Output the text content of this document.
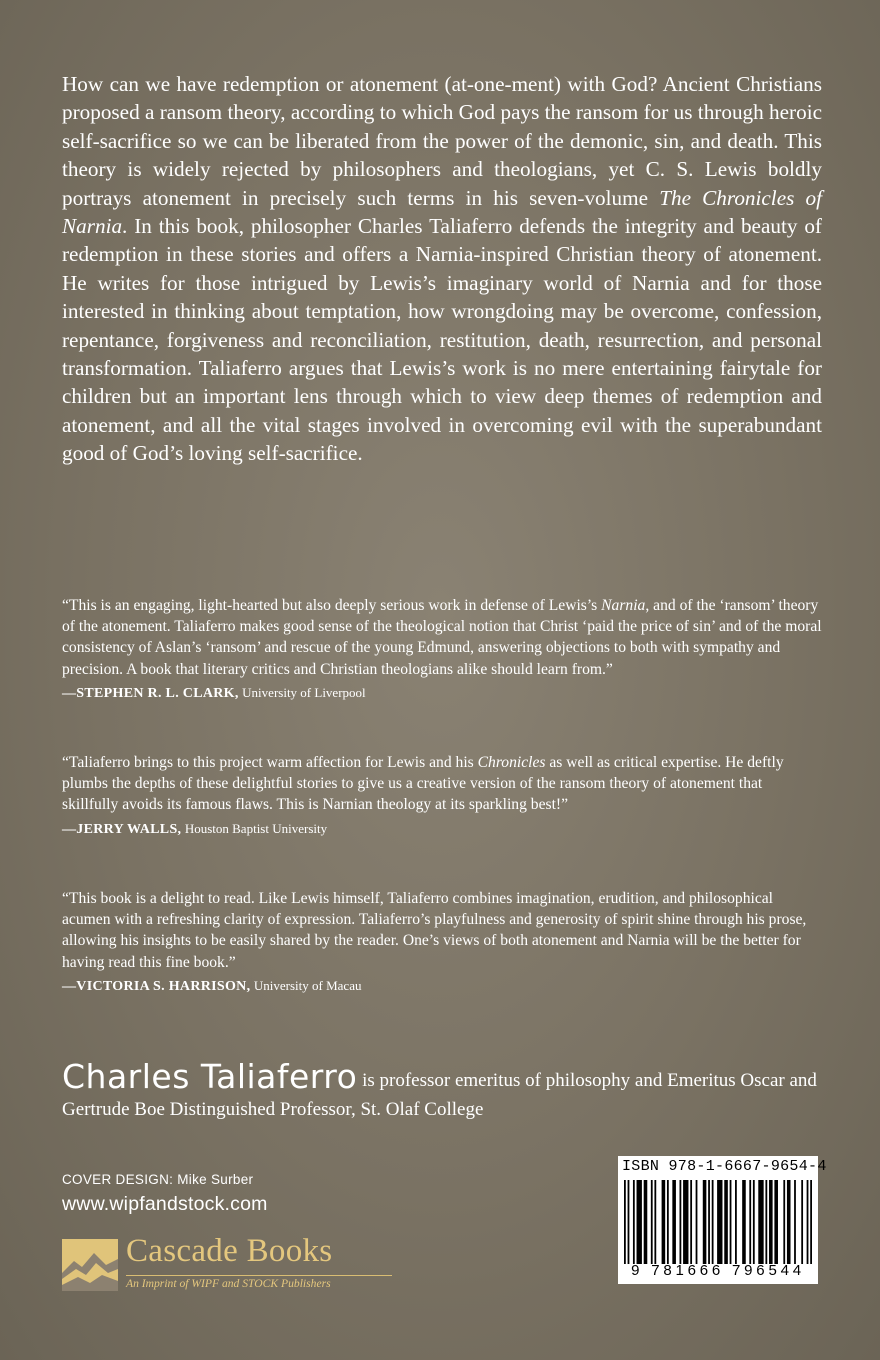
How can we have redemption or atonement (at-one-ment) with God? Ancient Christians proposed a ransom theory, according to which God pays the ransom for us through heroic self-sacrifice so we can be liberated from the power of the demonic, sin, and death. This theory is widely rejected by philosophers and theologians, yet C. S. Lewis boldly portrays atonement in precisely such terms in his seven-volume The Chronicles of Narnia. In this book, philosopher Charles Taliaferro defends the integrity and beauty of redemption in these stories and offers a Narnia-inspired Christian theory of atonement. He writes for those intrigued by Lewis’s imaginary world of Narnia and for those interested in thinking about temptation, how wrongdoing may be overcome, confession, repentance, forgiveness and reconciliation, restitution, death, resurrection, and personal transformation. Taliaferro argues that Lewis’s work is no mere entertaining fairytale for children but an important lens through which to view deep themes of redemption and atonement, and all the vital stages involved in overcoming evil with the superabundant good of God’s loving self-sacrifice.

“This is an engaging, light-hearted but also deeply serious work in defense of Lewis’s Narnia, and of the ‘ransom’ theory of the atonement. Taliaferro makes good sense of the theological notion that Christ ‘paid the price of sin’ and of the moral consistency of Aslan’s ‘ransom’ and rescue of the young Edmund, answering objections to both with sympathy and precision. A book that literary critics and Christian theologians alike should learn from.”
—STEPHEN R. L. CLARK, University of Liverpool
“Taliaferro brings to this project warm affection for Lewis and his Chronicles as well as critical expertise. He deftly plumbs the depths of these delightful stories to give us a creative version of the ransom theory of atonement that skillfully avoids its famous flaws. This is Narnian theology at its sparkling best!”
—JERRY WALLS, Houston Baptist University
“This book is a delight to read. Like Lewis himself, Taliaferro combines imagination, erudition, and philosophical acumen with a refreshing clarity of expression. Taliaferro’s playfulness and generosity of spirit shine through his prose, allowing his insights to be easily shared by the reader. One’s views of both atonement and Narnia will be the better for having read this fine book.”
—VICTORIA S. HARRISON, University of Macau

Charles Taliaferro is professor emeritus of philosophy and Emeritus Oscar and Gertrude Boe Distinguished Professor, St. Olaf College

COVER DESIGN: Mike Surber
www.wipfandstock.com
Cascade Books
An Imprint of WIPF and STOCK Publishers
ISBN 978-1-6667-9654-4
9 781666 796544
